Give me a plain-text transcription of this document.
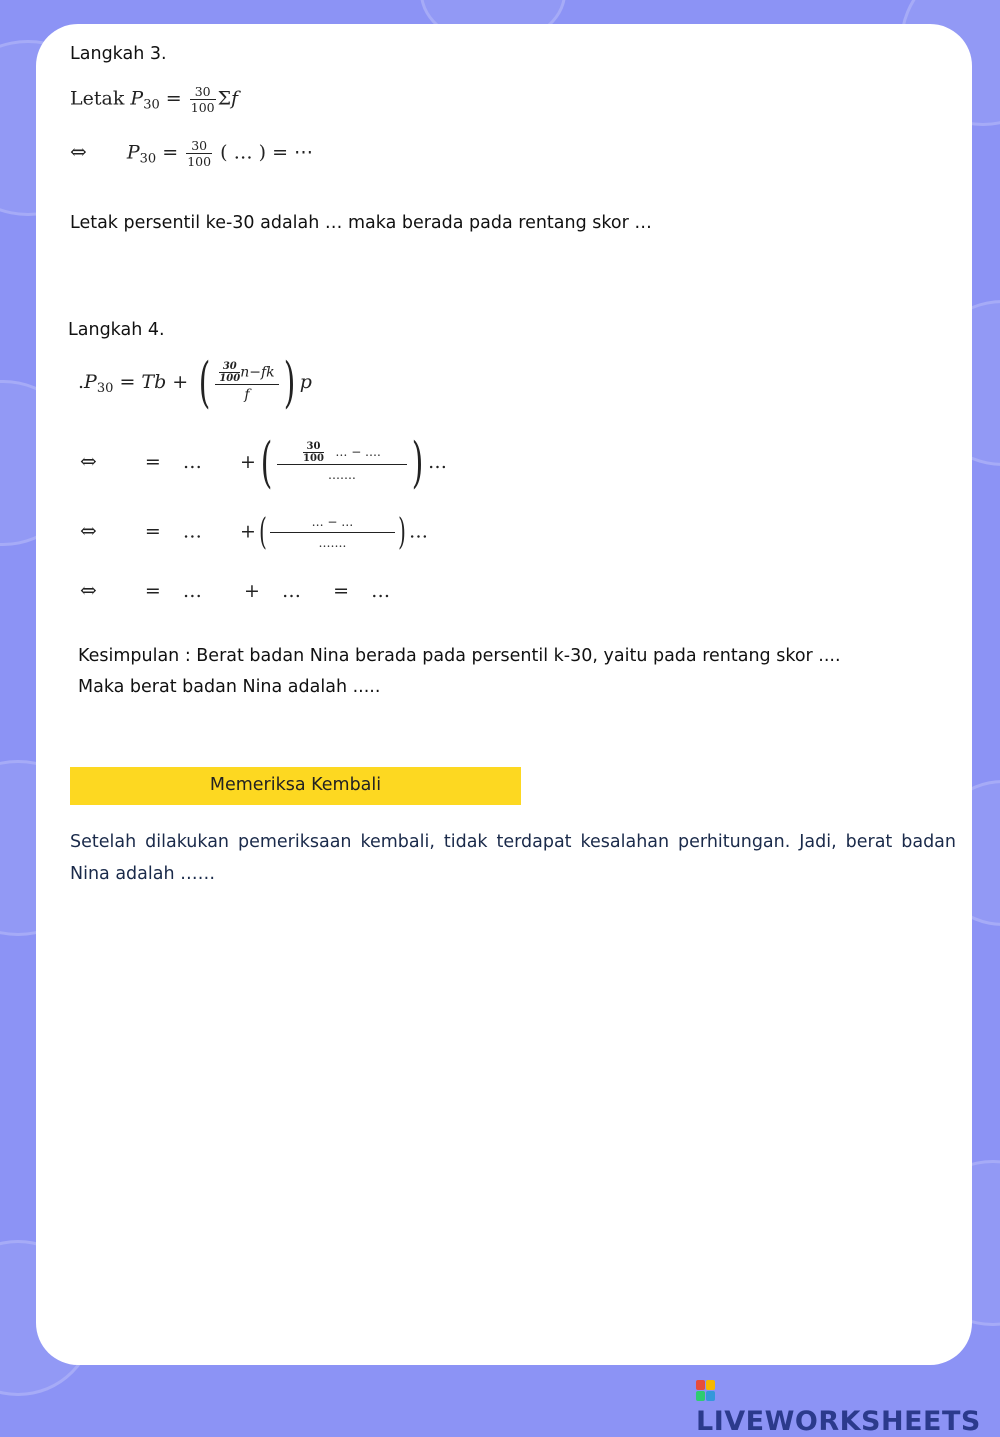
Langkah 3.
Letak $P_{30} = \frac{30}{100}$ Σf
⇔ $P_{30} = \frac{30}{100}$ ( … ) = ⋯
Letak persentil ke-30 adalah … maka berada pada rentang skor …
Langkah 4.
$.P_{30} = Tb$ + ( $\frac{\frac{30}{100} n-fk}{f}$ ) p
⇔	= … +( $\frac{\frac{30}{100} \dots - \dots.}{\dots\dots.}$ ) …
⇔	= … +( $\frac{\dots - \dots}{\dots\dots.}$ ) …
⇔	= … + … = …
Kesimpulan : Berat badan Nina berada pada persentil k-30, yaitu pada rentang skor ....
Maka berat badan Nina adalah .....
Memeriksa Kembali
Setelah dilakukan pemeriksaan kembali, tidak terdapat kesalahan perhitungan. Jadi, berat badan Nina adalah ……
LIVEWORKSHEETS
